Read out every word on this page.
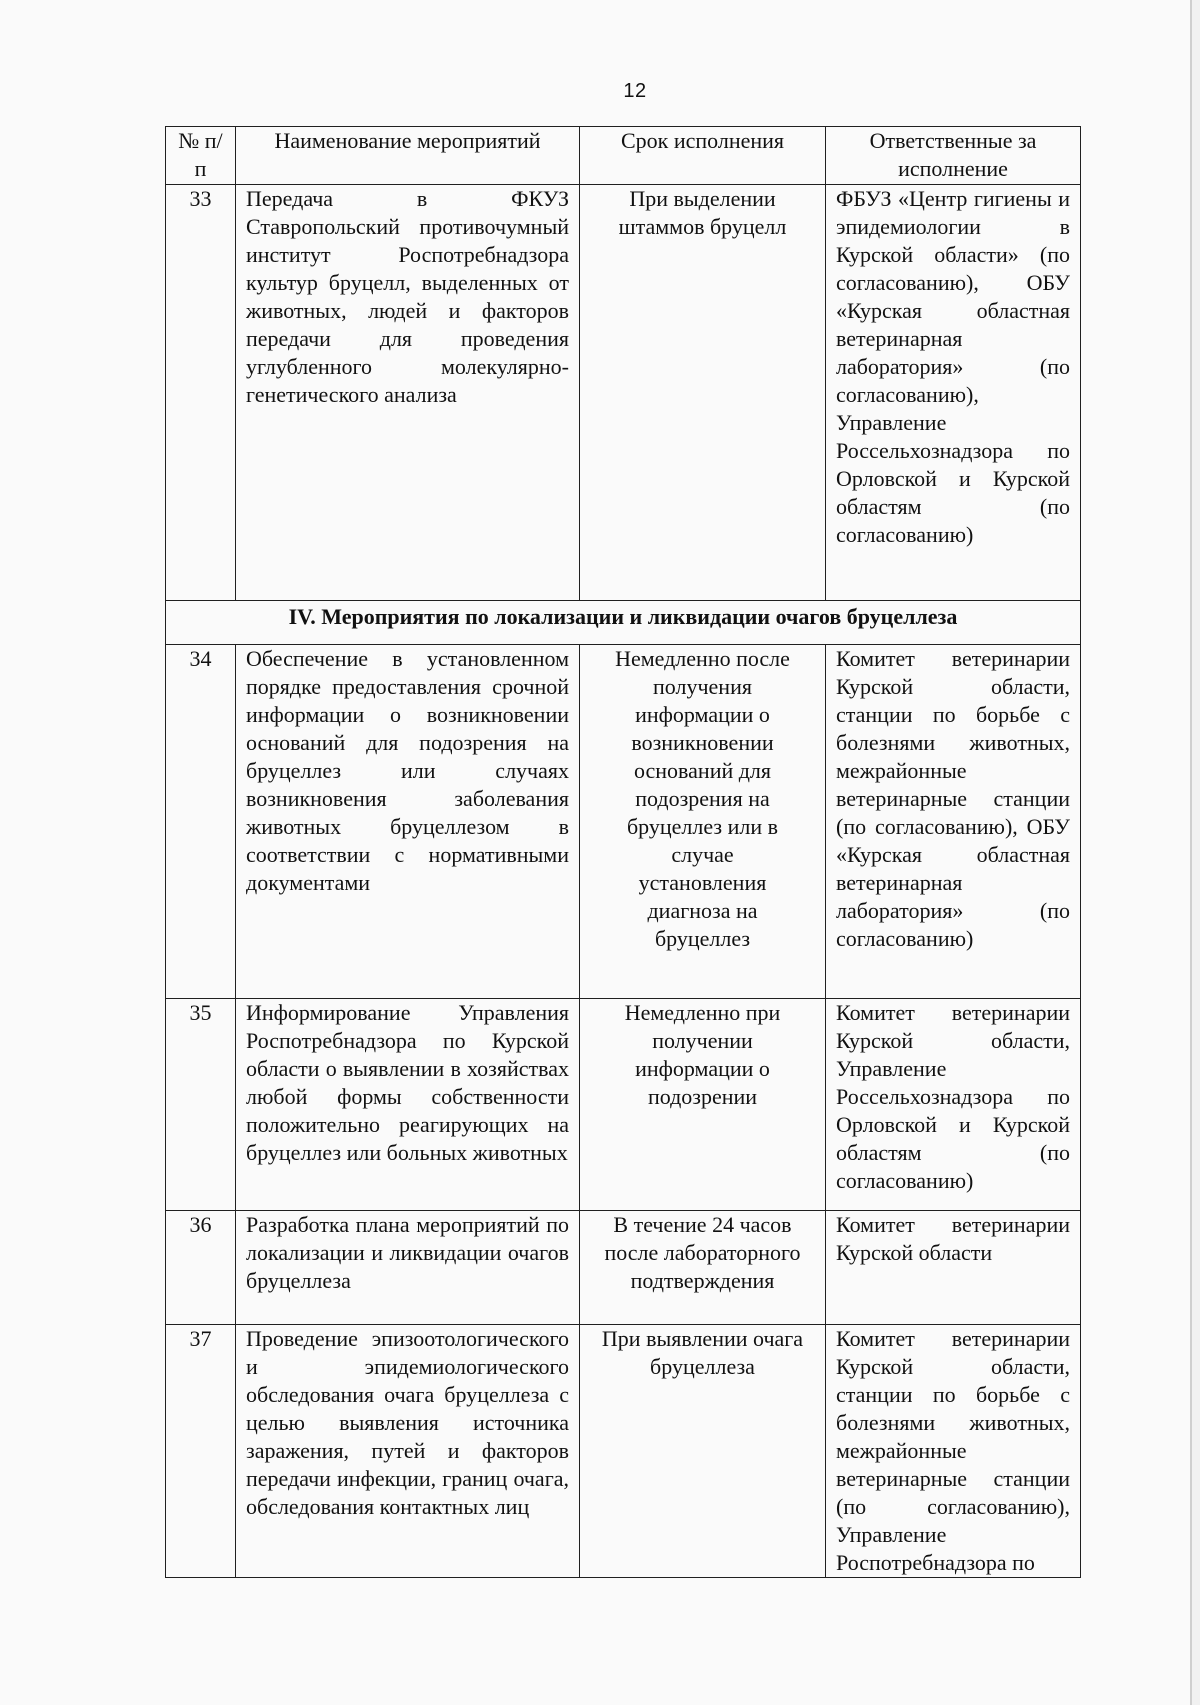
12
№ п/п	Наименование мероприятий	Срок исполнения	Ответственные за исполнение
33	Передача в ФКУЗ Ставропольский противочумный институт Роспотребнадзора культур бруцелл, выделенных от животных, людей и факторов передачи для проведения углубленного молекулярно-генетического анализа	При выделении штаммов бруцелл	ФБУЗ «Центр гигиены и эпидемиологии в Курской области» (по согласованию), ОБУ «Курская областная ветеринарная лаборатория» (по согласованию), Управление Россельхознадзора по Орловской и Курской областям (по согласованию)
IV. Мероприятия по локализации и ликвидации очагов бруцеллеза			
34	Обеспечение в установленном порядке предоставления срочной информации о возникновении оснований для подозрения на бруцеллез или случаях возникновения заболевания животных бруцеллезом в соответствии с нормативными документами	Немедленно после получения информации о возникновении оснований для подозрения на бруцеллез или в случае установления диагноза на бруцеллез	Комитет ветеринарии Курской области, станции по борьбе с болезнями животных, межрайонные ветеринарные станции (по согласованию), ОБУ «Курская областная ветеринарная лаборатория» (по согласованию)
35	Информирование Управления Роспотребнадзора по Курской области о выявлении в хозяйствах любой формы собственности положительно реагирующих на бруцеллез или больных животных	Немедленно при получении информации о подозрении	Комитет ветеринарии Курской области, Управление Россельхознадзора по Орловской и Курской областям (по согласованию)
36	Разработка плана мероприятий по локализации и ликвидации очагов бруцеллеза	В течение 24 часов после лабораторного подтверждения	Комитет ветеринарии Курской области
37	Проведение эпизоотологического и эпидемиологического обследования очага бруцеллеза с целью выявления источника заражения, путей и факторов передачи инфекции, границ очага, обследования контактных лиц	При выявлении очага бруцеллеза	Комитет ветеринарии Курской области, станции по борьбе с болезнями животных, межрайонные ветеринарные станции (по согласованию), Управление Роспотребнадзора по
